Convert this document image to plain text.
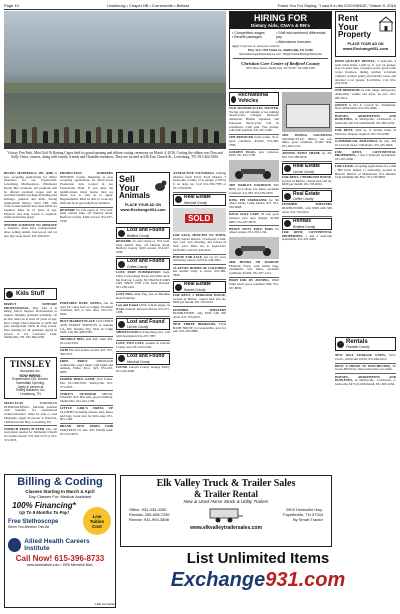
Page 10	Lewisburg • Chapel Hill • Cornersville • Belfast	Thank You For Saying, “I saw it in the EXCHANGE,” March 9, 2016
Victory Pon Park, Mini Golf & Batting Cages held its grand opening and ribbon cutting ceremony on March 4, 2016. Cutting the ribbon was Don and Sally Vieira, owners, along with family, friends and Chamber members. They are located at 636 East Church St., Lewisburg, TN. 931-422-5456.
HIRING FOR
Dietary Aids, CNA's & RN's
• Competitive wages
• Benefit packages
• Shift and weekend differential pay
• Attendance bonuses
Apply in person or send your resume:
Hwy 31A • 835 Union St., Shelbyville, TN 37160
christianheritagerehabhealthcare.com • HR@ChristianHeritageShelbyville
Christian Care Center of Bedford County
835 Union Street, Shelbyville, TN 37160 • 931.680.2300
Rent
Your
Property
PLACE YOUR AD ON
www.Exchange931.com
HIGH QUALITY RENTAL, 3 bedroom, 2 bath, brick home, 1,600 sq. ft. w/2 car garage, stay on quiet lane, screened porch, great room w/gas fireplace, dining, kitchen w/custom cabinets, walk-in pantry and laundry room, and attached 2-car garage. $1,250/mo. Call 931-224-3530.
ONE BEDROOM for rent, range, refrigerator, dishwasher, washer and dryer, no pets. 931-685-3014.
OFFICE at 611 E. Carroll St., Tullahoma. Near McDonalds. 931-455-6666.
HOUSES, APARTMENTS AND DUPLEXES, in Shelbyville, 1-bedroom, 2-bedrooms, $475-$1,000/month. 931-695-2234.
FOR RENT, 1600 sq. ft. mobile home in Wartrace. Deposit required. 931-703-2080.
COMMERCIAL BUILDINGS for rent, 404 W. Lincoln Street, Tullahoma. 931-455-6666.
FOR RENT, CONTINENTAL PROPERTIES, 1 and 2 bedroom apartments. 931-455-4060.
FOR LEASE, accepting applications for a 600 - 800 brick duplex (1 bedroom), located in Historic District of Manchester, five minutes from McMinnville Hwy. 931-728-8805.
Rentals
Franklin County
NEW SELF STORAGE UNITS, 5x10, 10x10, 10x20 and 10x30. 931-684-2012.
RENT A HOUSE IN WINCHESTER, Tri Green Hill Drive, three bedrooms, two baths.
HOUSES, APARTMENTS AND DUPLEXES, in Shelbyville, 1-bedroom, 2-bedrooms, $475-$1,000/month. 931-695-2234.
IRVING MATERIALS, INC (IMI) is now accepting applications for Mixer Operators for our Fayetteville, Lewisburg, Murfreesboro, Winchester Ready Mix locations. All positions will be offered excellent wages and an excellent benefits package including paid holidays, pension and 401k. Strong employment history, valid CDL with Class A endorsement and clean MVR are required. Must be 21 years of age. Physical and drug screen is required. Some restrictions apply.
NEEDED SOMEONE TO OPERATE a business, must have transportation. Also, selling rentals, fuel-wood, and we also buy scrap metal. 931-293-0101.
Kids Stuff
DIRECT SUPPORT PROFESSIONAL. New Life 4 Is hiring. Direct Support Professionals to support multiple positions available, 1st & 2nd. Must be at least 18 years of age, have a high school diploma or GED and pass background check & drug screen. Paid training for all positions. Apply in person to 115 Crestview Lane, Shelbyville, TN. 931-684-4790.
TINSLEY
BAKERIES INC.
NOW HIRING.
Experienced CDL Drivers.
Immediate Opening.
Apply in person at
Tinsley Bakeries, Inc.
Lewisburg, TN
SELECTCAT	FORESMAN INTERNATIONAL, full-time position with benefits, for experienced welder/fabricator. Must be able to read blueprints. Apply in person at Selectcat, 1300 Knoxville Hwy, Lewisburg TN.
CHURCH PIANO PLAYER who can read music needed for Methodist Church in Collins Church. 931-293-5125 or 931-315-3033.
Billing & Coding
Classes Starting In March & April
Day Classes For: Medical Assistant
100% Financing*
Up To 9 Months To Pay!
Free Stethoscope
When You Mention This Ad
Low Tuition Cost
Allied Health Careers Institute
Call Now! 615-396-8733
www.ahcinstitute.com • 1905 Memorial Blvd.
PRODUCTION WORKERS NEEDED! Cosmo Industries is now accepting applications for Entry-Level Production Jobs located in our Fayetteville Plant. If you meet the qualifications listed below, then we invite you to visit us to apply. Requirements: Must be able to work any shift and be in good physical condition.
REWARD! for safe return of 15% wolf, male named Jake, off Duncan Road, Bedford County. $100 reward. 931-627-0198.
PORTABLE BABY SWING, can be used for a new born or toddler. Excellent condition, $25 or best offer. 931-272-9364.
BUSY MARKET-PLACE COS CHILD AND FAMILY SERVICES is seeking CA, RN, Respite Day, Host & Camp Staff. Call 931-488-5585.
TRUNDLE BED, kids $45, adult $55. 931-619-5455.
CRIB $30 and double stroller $25. 931-308-5555.
FREE PRICE	DINOSAUR walker/rider, plays music with lights and animals, Fisher Price. $25. 931-223-9085.
FISHER PRICE GAME Trail Frame. $20. 931-308-5555. Shelbyville. 931-273-2025.
CHILD'S OUTDOOR METAL WAGON, $25. Has rails, good condition. Shelbyville. 931-224-1188.
LITTLE GIRL'S DRESS UP CLOTHES including dresses, hats, shoes and bags. Great deal for little ones. 931-801-1196.
BRAND NEW SERTA CRIB MATTRESS for sale. $35. Hardly used. 931-233-9875.
Sell
Your
Animals
PLACE YOUR AD ON
www.Exchange931.com
Lost and Found
Bedford County
REWARD! for safe return of 15% wolf, male named Jake, off Duncan Road, Bedford County. $100 reward. 931-627-0198.
Lost and Found
Coffee County
LOST, PART POMERANIAN male, 10lbs, red (orange) brown and white neck, has flair tag. Loudly. NO HASSLE KIDS CRY SINCE FEB 17th. $100 Reward. 931-238-1410.
LOST DOG, male Pug, lost on Hawkins Road Saturday.
Lost and Found LOST, female puppy on Bashford Road. Reward offered. 931-277-1088.
Lost and Found
Lincoln County
SHEEP FOUND in Fosterburg area. Call with description 931-207-7087.
LOST, TWO CATS, Seekins in Lincoln County area. 931-433-0192.
Lost and Found
Marshall County
FOUND Lincoln County Orange Tabby, 931-320-4460.
ATTRACTIVE VICTORIAN, walking distance from Every Food Market, 3 bedrooms, 2 baths, 2 car garage, 2,100 sq ft on large lot. Call 931-359-7788 or 931-359-0005.
Real Estate
Marshall County
SOLD
FOR SALE, MINUTES TO TOWN, Unity School District, 3 bedroom, 2 bath, new roof, new flooring, and fenced in back yard. Must see to appreciate! $145,000. Call 931-446-6161.
HOUSE FOR SALE, sits on 3.5 acres with many extras. Call 931-246-3001.
CLAYTON HOMES OF COLUMBIA has models ready to move. 931-388-5890.
Real Estate
Warren County
FOR RENT, 2 BEDROOM HOUSE, located in Belfast, central heat and air, $600 per month. 931-703-0012.
FINISHED SHELTERS DOUBLEWIDE, only $599 with $50 down. 931-703-6012.
NEW THREE BEDROOM, TWO BATH HOUSE in Cornersville, now for rent. 931-293-8888.
Recreational Vehicles
OLD MOTORCYCLES WANTED. We buy any old running or not running motorcycles. Chopper Restored. American, British, Japanese, and European motorcycles will be considered. Cash paid. Free pickup. Call John anytime. 931-307-5440.
1995 PROWLER travel trailer, 32 ft, good condition. $5,000. 931-409-7089.
GOLDEN EGGS, new batteries, $200. 931-202-7700.
2007 HARLEY DAVIDSON FAT BOY, cool, silver, low miles, excellent condition, $11,000. 931-639-0050.
KING PIN STABILIZER for 5th wheel trailer, Camp Master. $75. 931-239-0098.
EZGO GOLF CART, 36 volt, great batteries, new tires, charger, $1,800 OBO. 931-607-8076.
HEAVY DUTY POLE PADS for wheel camper. 931-359-1134.
2006 HONDA 750 SHADOW Phantom, black, with saddle bags, windshield, low miles, excellent condition, $5,000. 931-637-1212.
HIGH FOR RV AWNING, Whirl Wind sized, good condition. $80. 931-637-8030.
2002 HONDA GOLDWING MOTORCYCLE, 1800cc, red, low miles, good condition, $7,000 firm. 931-629-1154.
AWNING PATIO SHADE for RV, $25. 931-388-0056.
Real Estate
Lincoln County
FOR RENT, 2 BEDROOM HOUSE, located in Belfast, central heat and air, $600 per month. 931-703-0012.
Real Estate
Coffee County
FINISHED SHELTERS DOUBLEWIDE, only $599 with $50 down. 931-703-6012.
Rentals
Bedford County
FOR RENT, CONTINENTAL PROPERTIES, 1 and 2 bedroom apartments. 931-455-4060.
Elk Valley Truck & Trailer Sales
& Trailer Rental
New & Used Horse Stock & Utility Trailers
Office: 931-433-4250
Rentals: 256-508-7250
Ronnie: 931-993-3898
2903 Huntsville Hwy.
Fayetteville, TN 37334
By Smart Tractor
www.elkvalleytrailersales.com
List Unlimited Items
Exchange931.com
COE Accredited
